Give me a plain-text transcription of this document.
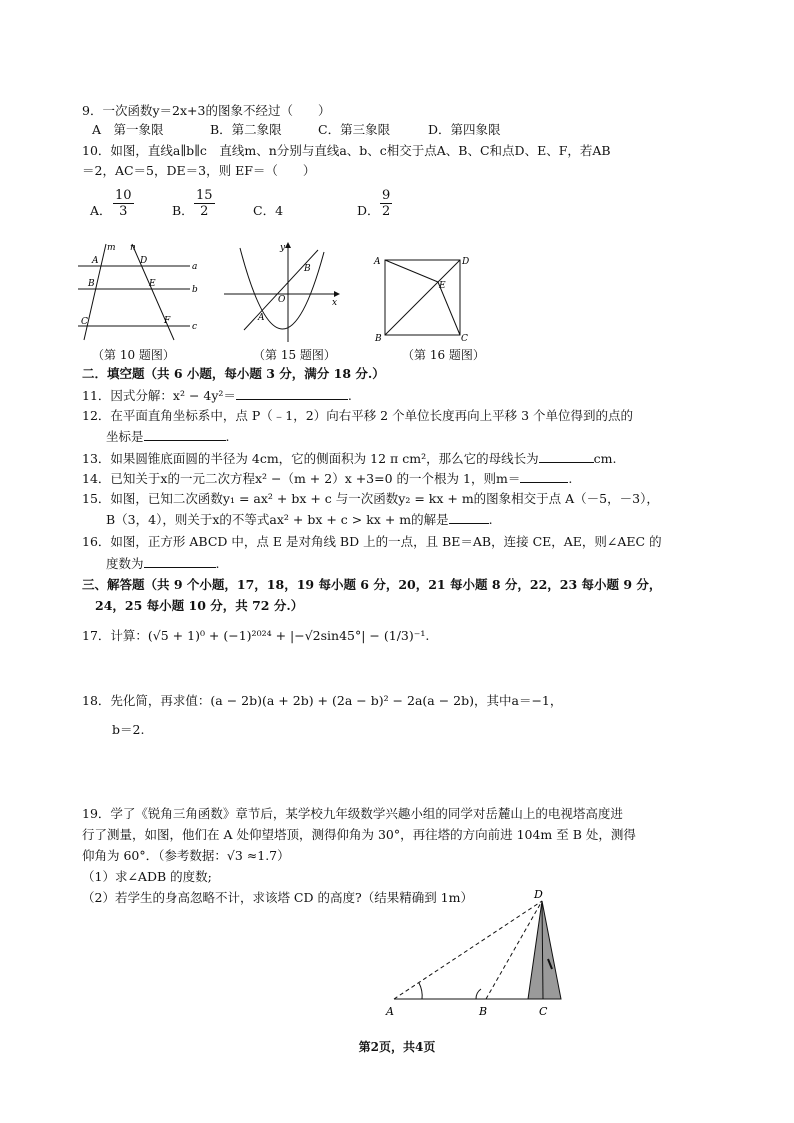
9．一次函数y＝2x+3的图象不经过（　　）
A　第一象限	B．第二象限	C．第三象限	D．第四象限
10．如图，直线a∥b∥c　直线m、n分别与直线a、b、c相交于点A、B、C和点D、E、F，若AB
＝2，AC＝5，DE＝3，则 EF＝（　　）
A． $\frac{10}{3}$	B． $\frac{15}{2}$	C．4	D． $\frac{9}{2}$
m n
A	D
a
B	E
b
C	F
c
y
B
O	x
A
A	D
E
B	C
（第 10 题图）	（第 15 题图）	（第 16 题图）
二．填空题（共 6 小题，每小题 3 分，满分 18 分.）
11．因式分解：x² − 4y²＝	.
12．在平面直角坐标系中，点 P（﹣1，2）向右平移 2 个单位长度再向上平移 3 个单位得到的点的
坐标是	.
13．如果圆锥底面圆的半径为 4cm，它的侧面积为 12 π cm²，那么它的母线长为	cm.
14．已知关于x的一元二次方程x² −（m + 2）x +3=0 的一个根为 1，则m＝	.
15．如图，已知二次函数y₁ = ax² + bx + c 与一次函数y₂ = kx + m的图象相交于点 A（－5，－3），
B（3，4），则关于x的不等式ax² + bx + c > kx + m的解是	.
16．如图，正方形 ABCD 中，点 E 是对角线 BD 上的一点，且 BE＝AB，连接 CE，AE，则∠AEC 的
度数为	.
三、解答题（共 9 个小题，17，18，19 每小题 6 分，20，21 每小题 8 分，22，23 每小题 9 分，
24，25 每小题 10 分，共 72 分.）
17．计算：(√5 + 1)⁰ + (−1)²⁰²⁴ + |−√2sin45°| − (1/3)⁻¹.
18．先化简，再求值：(a − 2b)(a + 2b) + (2a − b)² − 2a(a − 2b)，其中a＝−1，
b＝2.
19．学了《锐角三角函数》章节后，某学校九年级数学兴趣小组的同学对岳麓山上的电视塔高度进
行了测量，如图，他们在 A 处仰望塔顶，测得仰角为 30°，再往塔的方向前进 104m 至 B 处，测得
仰角为 60°．（参考数据：√3 ≈1.7）
（1）求∠ADB 的度数;
（2）若学生的身高忽略不计，求该塔 CD 的高度?（结果精确到 1m）	D
A	B	C
第2页，共4页
